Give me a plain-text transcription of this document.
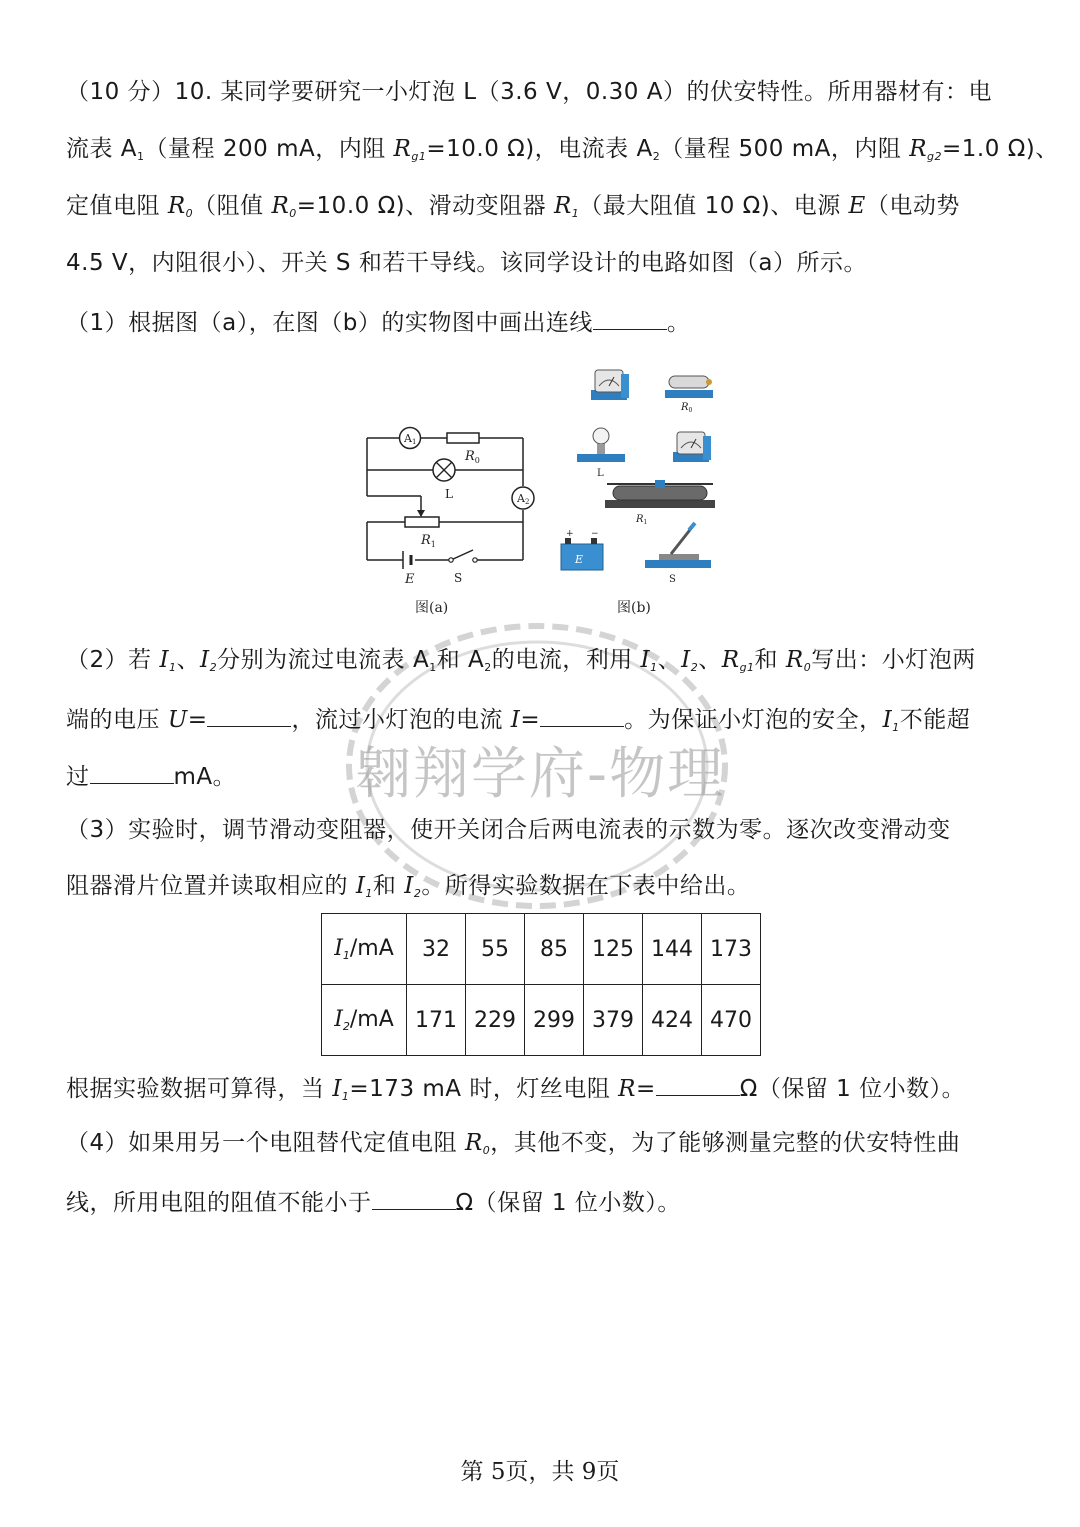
（10 分）10. 某同学要研究一小灯泡 L（3.6 V，0.30 A）的伏安特性。所用器材有：电
流表 A1（量程 200 mA，内阻 $R_{g1}=10.0$ Ω)，电流表 A2（量程 500 mA，内阻 $R_{g2}=1.0$ Ω)、
定值电阻 $R_0$（阻值 $R_0=10.0$ Ω)、滑动变阻器 $R_1$（最大阻值 10 Ω)、电源 E（电动势
4.5 V，内阻很小）、开关 S 和若干导线。该同学设计的电路如图（a）所示。
（1）根据图（a），在图（b）的实物图中画出连线	。
A1
$R_0$
L	A2
$R_1$
E	S
图(a)
$R_0$
L
$R_1$
+ −
E
S
图(b)
翱翔学府-物理
（2）若 $I_1$、$I_2$分别为流过电流表 A1和 A2的电流，利用 $I_1$、$I_2$、$R_{g1}$和 $R_0$写出：小灯泡两
端的电压 U=	，流过小灯泡的电流 I=	。为保证小灯泡的安全，$I_1$不能超
过	mA。
（3）实验时，调节滑动变阻器，使开关闭合后两电流表的示数为零。逐次改变滑动变
阻器滑片位置并读取相应的 $I_1$和 $I_2$。所得实验数据在下表中给出。
$I_1/mA$	32	55	85	125	144	173
$I_2/mA$	171	229	299	379	424	470
根据实验数据可算得，当 $I_1=173$ mA 时，灯丝电阻 R=	Ω（保留 1 位小数）。
（4）如果用另一个电阻替代定值电阻 $R_0$，其他不变，为了能够测量完整的伏安特性曲
线，所用电阻的阻值不能小于	Ω（保留 1 位小数）。
第 5页，共 9页
